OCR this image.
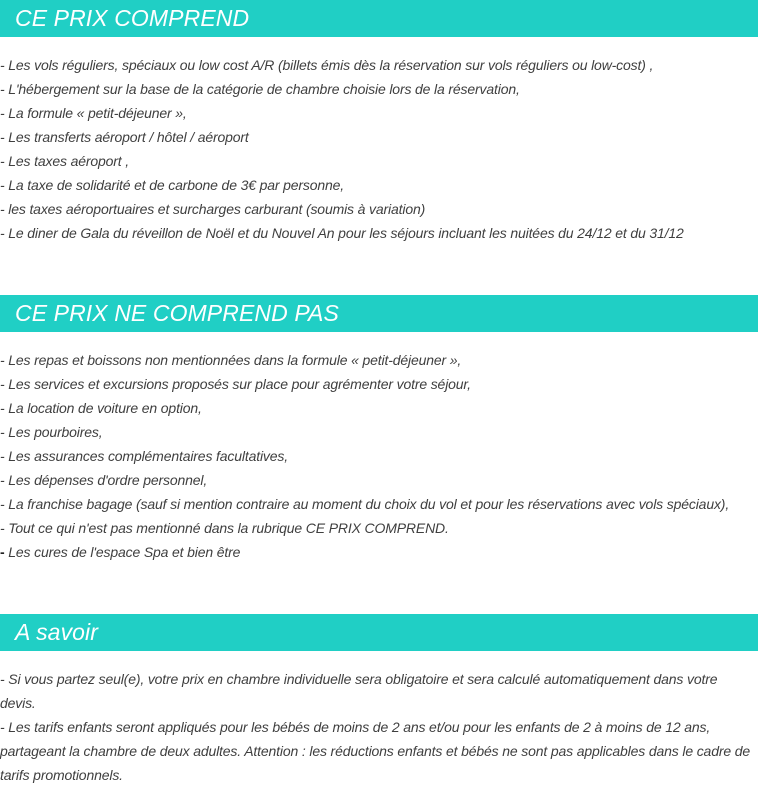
CE PRIX COMPREND
- Les vols réguliers, spéciaux ou low cost A/R (billets émis dès la réservation sur vols réguliers ou low-cost) ,
- L'hébergement sur la base de la catégorie de chambre choisie lors de la réservation,
- La formule « petit-déjeuner »,
- Les transferts aéroport / hôtel / aéroport
- Les taxes aéroport ,
- La taxe de solidarité et de carbone de 3€ par personne,
- les taxes aéroportuaires et surcharges carburant (soumis à variation)
- Le diner de Gala du réveillon de Noël et du Nouvel An pour les séjours incluant les nuitées du 24/12 et du 31/12
CE PRIX NE COMPREND PAS
- Les repas et boissons non mentionnées dans la formule « petit-déjeuner »,
- Les services et excursions proposés sur place pour agrémenter votre séjour,
- La location de voiture en option,
- Les pourboires,
- Les assurances complémentaires facultatives,
- Les dépenses d'ordre personnel,
- La franchise bagage (sauf si mention contraire au moment du choix du vol et pour les réservations avec vols spéciaux),
- Tout ce qui n'est pas mentionné dans la rubrique CE PRIX COMPREND.
- Les cures de l'espace Spa et bien être
A savoir
- Si vous partez seul(e), votre prix en chambre individuelle sera obligatoire et sera calculé automatiquement dans votre devis.
- Les tarifs enfants seront appliqués pour les bébés de moins de 2 ans et/ou pour les enfants de 2 à moins de 12 ans, partageant la chambre de deux adultes. Attention : les réductions enfants et bébés ne sont pas applicables dans le cadre de tarifs promotionnels.
